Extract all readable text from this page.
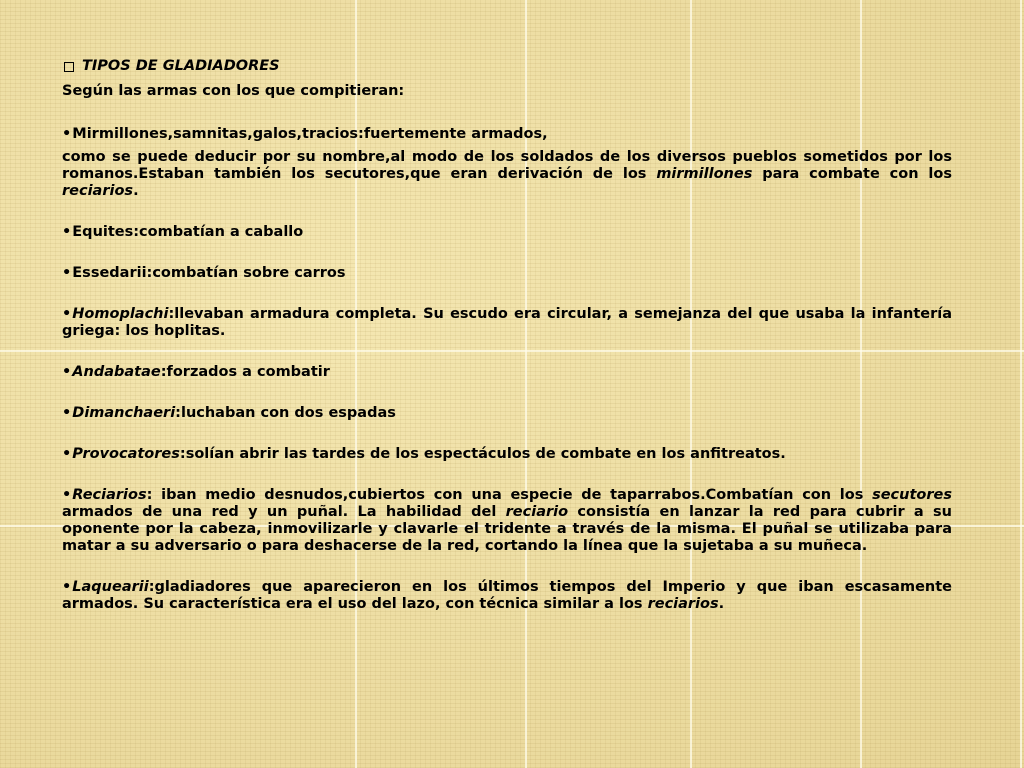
TIPOS DE GLADIADORES

Según las armas con los que compitieran:

•Mirmillones,samnitas,galos,tracios:fuertemente armados,

como se puede deducir por su nombre,al modo de los soldados de los diversos pueblos sometidos por los romanos.Estaban también los secutores,que eran derivación de los mirmillones para combate con los reciarios.

•Equites:combatían a caballo

•Essedarii:combatían sobre carros

•Homoplachi:llevaban armadura completa. Su escudo era circular, a semejanza del que usaba la infantería griega: los hoplitas.

•Andabatae:forzados a combatir

•Dimanchaeri:luchaban con dos espadas

•Provocatores:solían abrir las tardes de los espectáculos de combate en los anfitreatos.

•Reciarios: iban medio desnudos,cubiertos con una especie de taparrabos.Combatían con los secutores armados de una red y un puñal. La habilidad del reciario consistía en lanzar la red para cubrir a su oponente por la cabeza, inmovilizarle y clavarle el tridente a través de la misma. El puñal se utilizaba para matar a su adversario o para deshacerse de la red, cortando la línea que la sujetaba a su muñeca.

•Laquearii:gladiadores que aparecieron en los últimos tiempos del Imperio y que iban escasamente armados. Su característica era el uso del lazo, con técnica similar a los reciarios.
